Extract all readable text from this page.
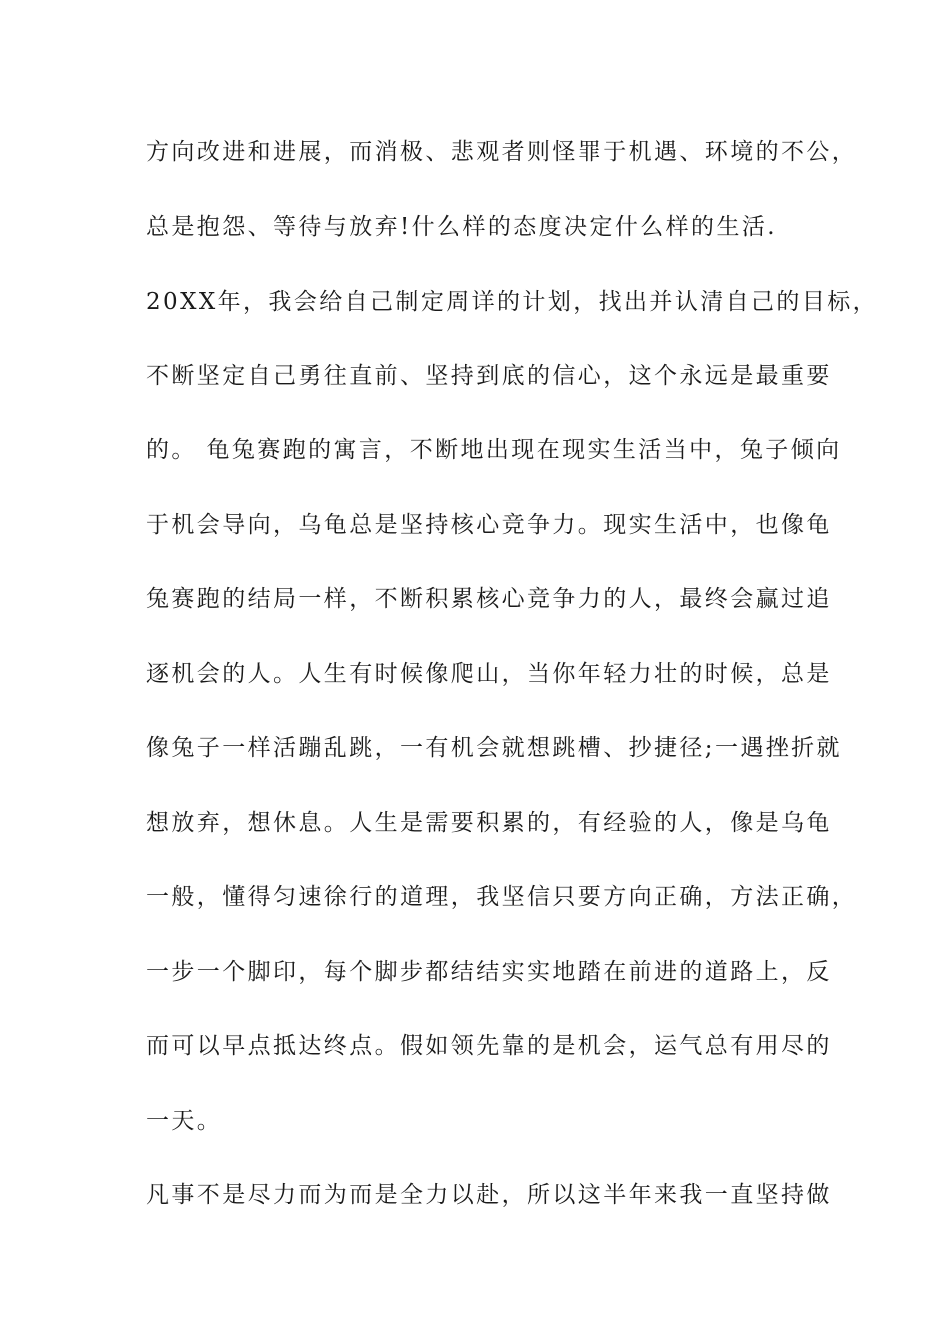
方向改进和进展，而消极、悲观者则怪罪于机遇、环境的不公，
总是抱怨、等待与放弃!什么样的态度决定什么样的生活.
20XX年，我会给自己制定周详的计划，找出并认清自己的目标，
不断坚定自己勇往直前、坚持到底的信心，这个永远是最重要
的。 龟兔赛跑的寓言，不断地出现在现实生活当中，兔子倾向
于机会导向，乌龟总是坚持核心竞争力。现实生活中，也像龟
兔赛跑的结局一样，不断积累核心竞争力的人，最终会赢过追
逐机会的人。人生有时候像爬山，当你年轻力壮的时候，总是
像兔子一样活蹦乱跳，一有机会就想跳槽、抄捷径;一遇挫折就
想放弃，想休息。人生是需要积累的，有经验的人，像是乌龟
一般，懂得匀速徐行的道理，我坚信只要方向正确，方法正确，
一步一个脚印，每个脚步都结结实实地踏在前进的道路上，反
而可以早点抵达终点。假如领先靠的是机会，运气总有用尽的
一天。
凡事不是尽力而为而是全力以赴，所以这半年来我一直坚持做
